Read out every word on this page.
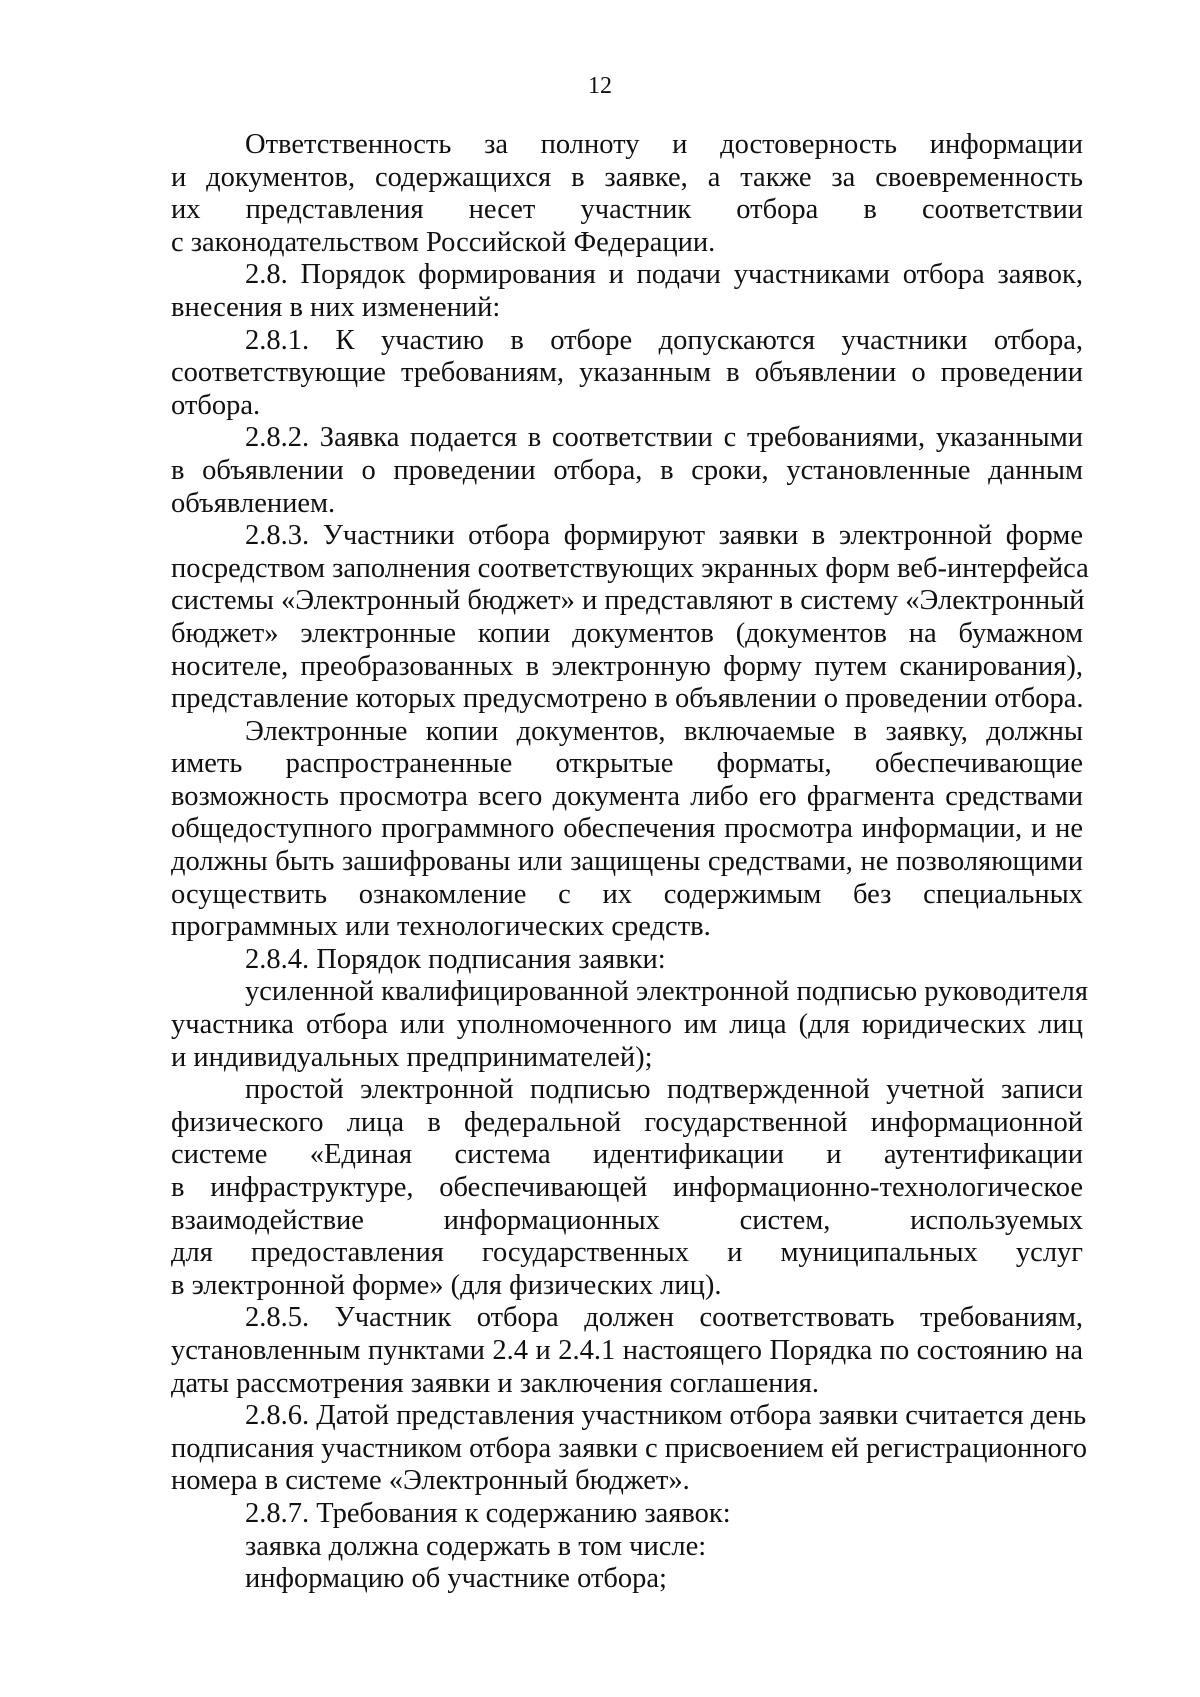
12
Ответственность за полноту и достоверность информации
и документов, содержащихся в заявке, а также за своевременность
их представления несет участник отбора в соответствии
с законодательством Российской Федерации.
2.8. Порядок формирования и подачи участниками отбора заявок,
внесения в них изменений:
2.8.1. К участию в отборе допускаются участники отбора,
соответствующие требованиям, указанным в объявлении о проведении
отбора.
2.8.2. Заявка подается в соответствии с требованиями, указанными
в объявлении о проведении отбора, в сроки, установленные данным
объявлением.
2.8.3. Участники отбора формируют заявки в электронной форме
посредством заполнения соответствующих экранных форм веб-интерфейса
системы «Электронный бюджет» и представляют в систему «Электронный
бюджет» электронные копии документов (документов на бумажном
носителе, преобразованных в электронную форму путем сканирования),
представление которых предусмотрено в объявлении о проведении отбора.
Электронные копии документов, включаемые в заявку, должны
иметь распространенные открытые форматы, обеспечивающие
возможность просмотра всего документа либо его фрагмента средствами
общедоступного программного обеспечения просмотра информации, и не
должны быть зашифрованы или защищены средствами, не позволяющими
осуществить ознакомление с их содержимым без специальных
программных или технологических средств.
2.8.4. Порядок подписания заявки:
усиленной квалифицированной электронной подписью руководителя
участника отбора или уполномоченного им лица (для юридических лиц
и индивидуальных предпринимателей);
простой электронной подписью подтвержденной учетной записи
физического лица в федеральной государственной информационной
системе «Единая система идентификации и аутентификации
в инфраструктуре, обеспечивающей информационно-технологическое
взаимодействие информационных систем, используемых
для предоставления государственных и муниципальных услуг
в электронной форме» (для физических лиц).
2.8.5. Участник отбора должен соответствовать требованиям,
установленным пунктами 2.4 и 2.4.1 настоящего Порядка по состоянию на
даты рассмотрения заявки и заключения соглашения.
2.8.6. Датой представления участником отбора заявки считается день
подписания участником отбора заявки с присвоением ей регистрационного
номера в системе «Электронный бюджет».
2.8.7. Требования к содержанию заявок:
заявка должна содержать в том числе:
информацию об участнике отбора;
